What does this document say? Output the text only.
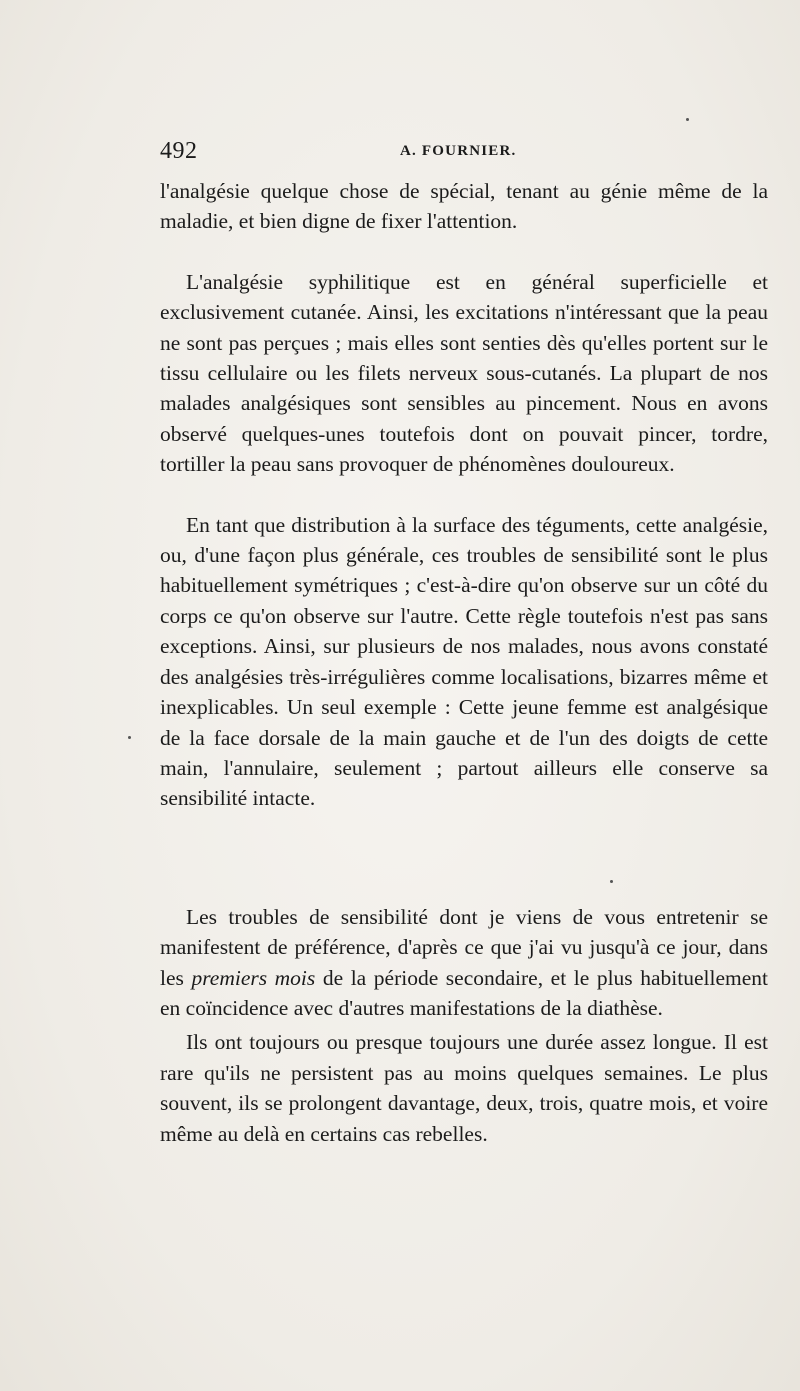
492	A. FOURNIER.

l'analgésie quelque chose de spécial, tenant au génie même de la maladie, et bien digne de fixer l'attention.

L'analgésie syphilitique est en général superficielle et exclusivement cutanée. Ainsi, les excitations n'intéressant que la peau ne sont pas perçues ; mais elles sont senties dès qu'elles portent sur le tissu cellulaire ou les filets nerveux sous-cutanés. La plupart de nos malades analgésiques sont sensibles au pincement. Nous en avons observé quelques-unes toutefois dont on pouvait pincer, tordre, tortiller la peau sans provoquer de phénomènes douloureux.

En tant que distribution à la surface des téguments, cette analgésie, ou, d'une façon plus générale, ces troubles de sensibilité sont le plus habituellement symétriques ; c'est-à-dire qu'on observe sur un côté du corps ce qu'on observe sur l'autre. Cette règle toutefois n'est pas sans exceptions. Ainsi, sur plusieurs de nos malades, nous avons constaté des analgésies très-irrégulières comme localisations, bizarres même et inexplicables. Un seul exemple : Cette jeune femme est analgésique de la face dorsale de la main gauche et de l'un des doigts de cette main, l'annulaire, seulement ; partout ailleurs elle conserve sa sensibilité intacte.

Les troubles de sensibilité dont je viens de vous entretenir se manifestent de préférence, d'après ce que j'ai vu jusqu'à ce jour, dans les premiers mois de la période secondaire, et le plus habituellement en coïncidence avec d'autres manifestations de la diathèse.

Ils ont toujours ou presque toujours une durée assez longue. Il est rare qu'ils ne persistent pas au moins quelques semaines. Le plus souvent, ils se prolongent davantage, deux, trois, quatre mois, et voire même au delà en certains cas rebelles.
